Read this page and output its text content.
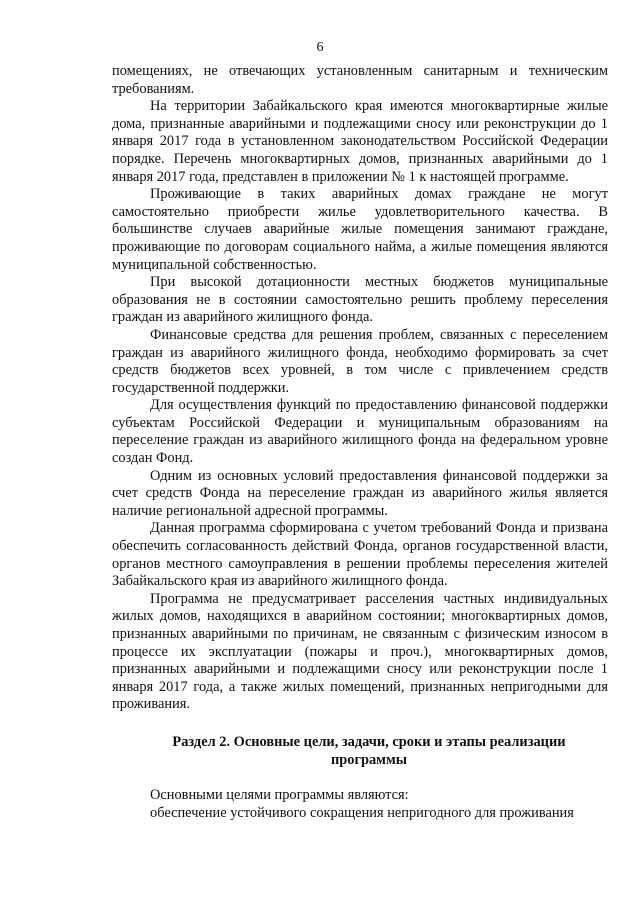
6

помещениях, не отвечающих установленным санитарным и техническим требованиям.

На территории Забайкальского края имеются многоквартирные жилые дома, признанные аварийными и подлежащими сносу или реконструкции до 1 января 2017 года в установленном законодательством Российской Федерации порядке. Перечень многоквартирных домов, признанных аварийными до 1 января 2017 года, представлен в приложении № 1 к настоящей программе.

Проживающие в таких аварийных домах граждане не могут самостоятельно приобрести жилье удовлетворительного качества. В большинстве случаев аварийные жилые помещения занимают граждане, проживающие по договорам социального найма, а жилые помещения являются муниципальной собственностью.

При высокой дотационности местных бюджетов муниципальные образования не в состоянии самостоятельно решить проблему переселения граждан из аварийного жилищного фонда.

Финансовые средства для решения проблем, связанных с переселением граждан из аварийного жилищного фонда, необходимо формировать за счет средств бюджетов всех уровней, в том числе с привлечением средств государственной поддержки.

Для осуществления функций по предоставлению финансовой поддержки субъектам Российской Федерации и муниципальным образованиям на переселение граждан из аварийного жилищного фонда на федеральном уровне создан Фонд.

Одним из основных условий предоставления финансовой поддержки за счет средств Фонда на переселение граждан из аварийного жилья является наличие региональной адресной программы.

Данная программа сформирована с учетом требований Фонда и призвана обеспечить согласованность действий Фонда, органов государственной власти, органов местного самоуправления в решении проблемы переселения жителей Забайкальского края из аварийного жилищного фонда.

Программа не предусматривает расселения частных индивидуальных жилых домов, находящихся в аварийном состоянии; многоквартирных домов, признанных аварийными по причинам, не связанным с физическим износом в процессе их эксплуатации (пожары и проч.), многоквартирных домов, признанных аварийными и подлежащими сносу или реконструкции после 1 января 2017 года, а также жилых помещений, признанных непригодными для проживания.

Раздел 2. Основные цели, задачи, сроки и этапы реализации программы

Основными целями программы являются:

обеспечение устойчивого сокращения непригодного для проживания
